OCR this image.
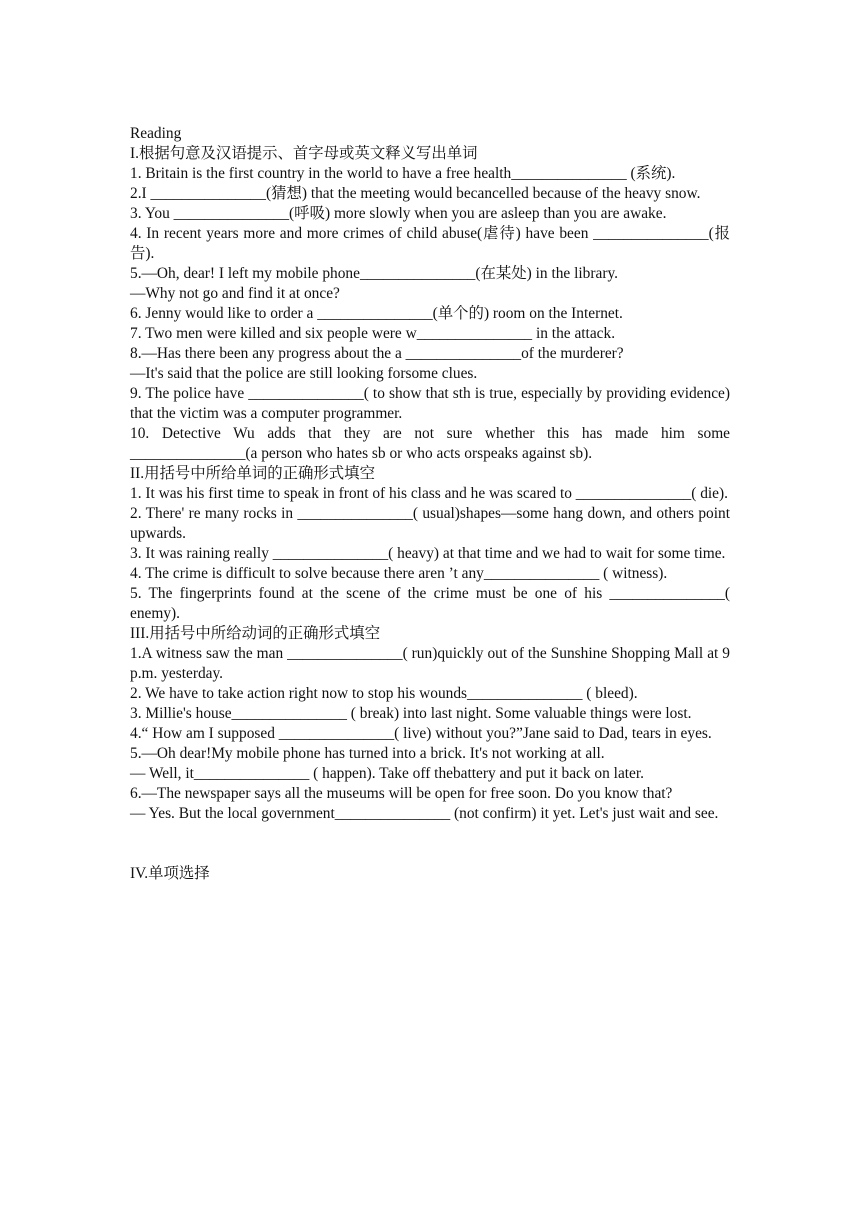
Reading
I.根据句意及汉语提示、首字母或英文释义写出单词
1. Britain is the first country in the world to have a free health_______________ (系统).
2.I _______________(猜想) that the meeting would becancelled because of the heavy snow.
3. You _______________(呼吸) more slowly when you are asleep than you are awake.
4. In recent years more and more crimes of child abuse(虐待) have been _______________(报告).
5.—Oh, dear! I left my mobile phone_______________(在某处) in the library.
—Why not go and find it at once?
6. Jenny would like to order a _______________(单个的) room on the Internet.
7. Two men were killed and six people were w_______________ in the attack.
8.—Has there been any progress about the a _______________of the murderer?
—It's said that the police are still looking forsome clues.
9. The police have _______________( to show that sth is true, especially by providing evidence) that the victim was a computer programmer.
10. Detective Wu adds that they are not sure whether this has made him some _______________(a person who hates sb or who acts orspeaks against sb).
II.用括号中所给单词的正确形式填空
1. It was his first time to speak in front of his class and he was scared to _______________( die).
2. There' re many rocks in _______________( usual)shapes—some hang down, and others point upwards.
3. It was raining really _______________( heavy) at that time and we had to wait for some time.
4. The crime is difficult to solve because there aren ’t any_______________ ( witness).
5. The fingerprints found at the scene of the crime must be one of his _______________( enemy).
III.用括号中所给动词的正确形式填空
1.A witness saw the man _______________( run)quickly out of the Sunshine Shopping Mall at 9 p.m. yesterday.
2. We have to take action right now to stop his wounds_______________ ( bleed).
3. Millie's house_______________ ( break) into last night. Some valuable things were lost.
4.“ How am I supposed _______________( live) without you?”Jane said to Dad, tears in eyes.
5.—Oh dear!My mobile phone has turned into a brick. It's not working at all.
— Well, it_______________ ( happen). Take off thebattery and put it back on later.
6.—The newspaper says all the museums will be open for free soon. Do you know that?
— Yes. But the local government_______________ (not confirm) it yet. Let's just wait and see.
IV.单项选择
